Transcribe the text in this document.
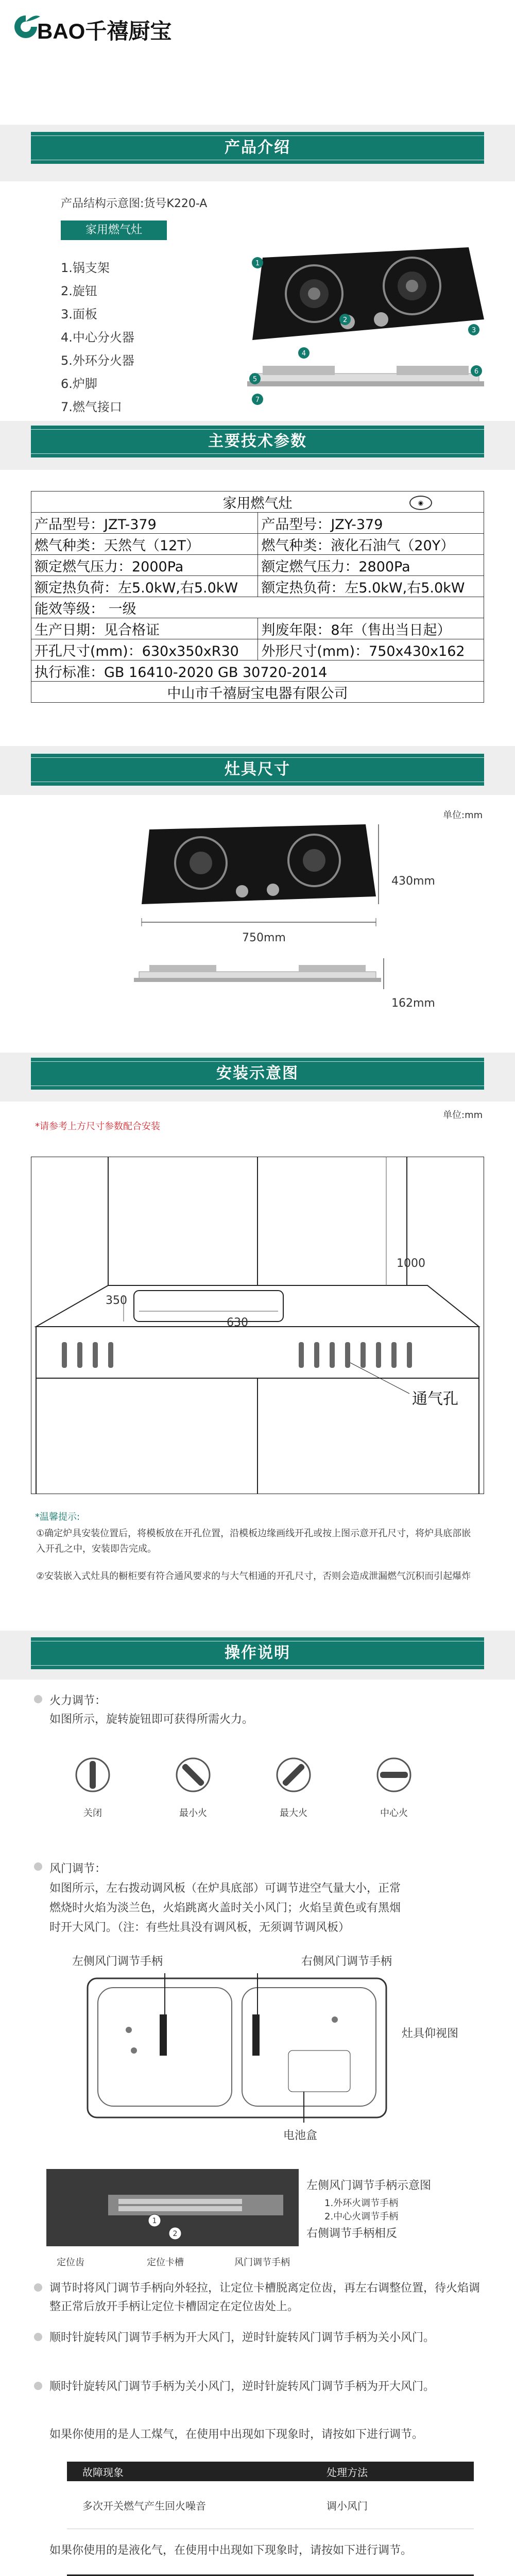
BAO千禧厨宝
产品介绍
产品结构示意图:货号K220-A
家用燃气灶
1.锅支架
2.旋钮
3.面板
4.中心分火器
5.外环分火器
6.炉脚
7.燃气接口
1
2
3
4
5
6
7
主要技术参数
家用燃气灶 ◉	

产品型号：JZT-379	产品型号：JZY-379
燃气种类：天然气（12T）	燃气种类：液化石油气（20Y）
额定燃气压力：2000Pa	额定燃气压力：2800Pa
额定热负荷：左5.0kW,右5.0kW	额定热负荷：左5.0kW,右5.0kW
能效等级： 一级	
生产日期：见合格证	判废年限：8年（售出当日起）
开孔尺寸(mm)：630x350xR30	外形尺寸(mm)：750x430x162
执行标准：GB 16410-2020 GB 30720-2014	
中山市千禧厨宝电器有限公司	
灶具尺寸
单位:mm
430mm
750mm
162mm
安装示意图
单位:mm
*请参考上方尺寸参数配合安装
1000
350
630
通气孔
*温馨提示:
①确定炉具安装位置后，将模板放在开孔位置，沿模板边缘画线开孔或按上图示意开孔尺寸，将炉具底部嵌入开孔之中，安装即告完成。
②安装嵌入式灶具的橱柜要有符合通风要求的与大气相通的开孔尺寸，否则会造成泄漏燃气沉积而引起爆炸
操作说明
火力调节：
如图所示，旋转旋钮即可获得所需火力。
关闭	最小火	最大火	中心火
风门调节：
如图所示，左右拨动调风板（在炉具底部）可调节进空气量大小，正常
燃烧时火焰为淡兰色，火焰跳离火盖时关小风门；火焰呈黄色或有黑烟
时开大风门。（注：有些灶具没有调风板，无须调节调风板）
左侧风门调节手柄	右侧风门调节手柄
灶具仰视图
电池盒
1
2
左侧风门调节手柄示意图
1.外环火调节手柄
2.中心火调节手柄
右侧调节手柄相反
定位齿	定位卡槽	风门调节手柄
调节时将风门调节手柄向外轻拉，让定位卡槽脱离定位齿，再左右调整位置，待火焰调整正常后放开手柄让定位卡槽固定在定位齿处上。
顺时针旋转风门调节手柄为开大风门，逆时针旋转风门调节手柄为关小风门。
顺时针旋转风门调节手柄为关小风门，逆时针旋转风门调节手柄为开大风门。
如果你使用的是人工煤气，在使用中出现如下现象时，请按如下进行调节。
故障现象	处理方法
多次开关燃气产生回火噪音	调小风门
如果你使用的是液化气，在使用中出现如下现象时，请按如下进行调节。
